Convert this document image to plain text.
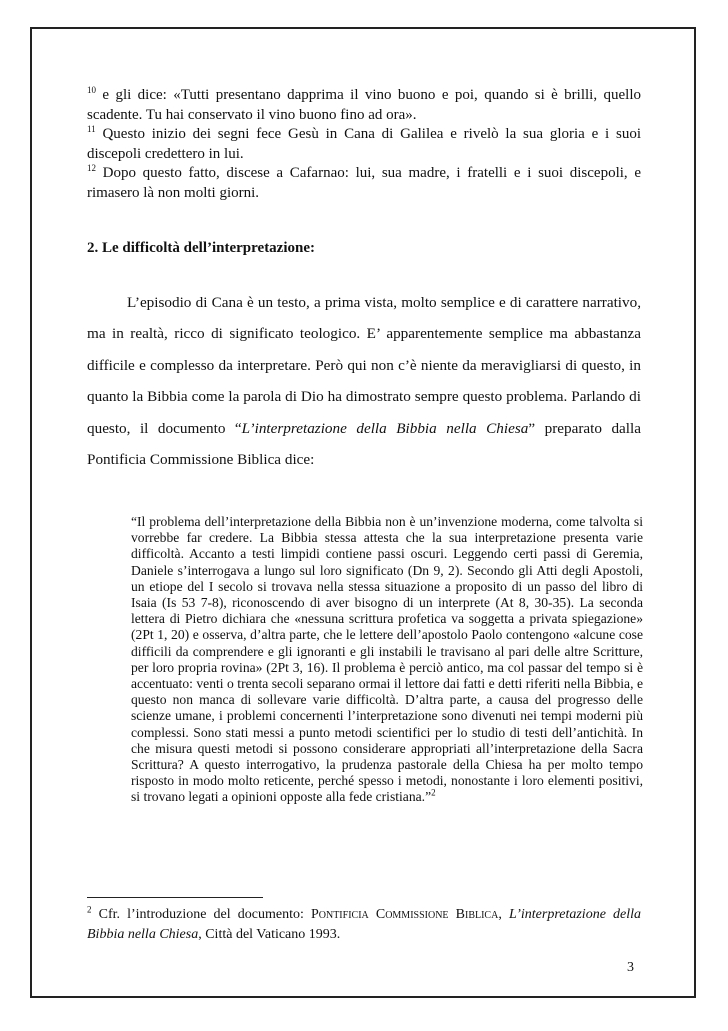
$^{10}$ e gli dice: «Tutti presentano dapprima il vino buono e poi, quando si è brilli, quello scadente. Tu hai conservato il vino buono fino ad ora».

$^{11}$ Questo inizio dei segni fece Gesù in Cana di Galilea e rivelò la sua gloria e i suoi discepoli credettero in lui.

$^{12}$ Dopo questo fatto, discese a Cafarnao: lui, sua madre, i fratelli e i suoi discepoli, e rimasero là non molti giorni.

2. Le difficoltà dell’interpretazione:

L’episodio di Cana è un testo, a prima vista, molto semplice e di carattere narrativo, ma in realtà, ricco di significato teologico. E’ apparentemente semplice ma abbastanza difficile e complesso da interpretare. Però qui non c’è niente da meravigliarsi di questo, in quanto la Bibbia come la parola di Dio ha dimostrato sempre questo problema. Parlando di questo, il documento “L’interpretazione della Bibbia nella Chiesa” preparato dalla Pontificia Commissione Biblica dice:

“Il problema dell’interpretazione della Bibbia non è un’invenzione moderna, come talvolta si vorrebbe far credere. La Bibbia stessa attesta che la sua interpretazione presenta varie difficoltà. Accanto a testi limpidi contiene passi oscuri. Leggendo certi passi di Geremia, Daniele s’interrogava a lungo sul loro significato (Dn 9, 2). Secondo gli Atti degli Apostoli, un etiope del I secolo si trovava nella stessa situazione a proposito di un passo del libro di Isaia (Is 53 7-8), riconoscendo di aver bisogno di un interprete (At 8, 30-35). La seconda lettera di Pietro dichiara che «nessuna scrittura profetica va soggetta a privata spiegazione» (2Pt 1, 20) e osserva, d’altra parte, che le lettere dell’apostolo Paolo contengono «alcune cose difficili da comprendere e gli ignoranti e gli instabili le travisano al pari delle altre Scritture, per loro propria rovina» (2Pt 3, 16). Il problema è perciò antico, ma col passar del tempo si è accentuato: venti o trenta secoli separano ormai il lettore dai fatti e detti riferiti nella Bibbia, e questo non manca di sollevare varie difficoltà. D’altra parte, a causa del progresso delle scienze umane, i problemi concernenti l’interpretazione sono divenuti nei tempi moderni più complessi. Sono stati messi a punto metodi scientifici per lo studio di testi dell’antichità. In che misura questi metodi si possono considerare appropriati all’interpretazione della Sacra Scrittura? A questo interrogativo, la prudenza pastorale della Chiesa ha per molto tempo risposto in modo molto reticente, perché spesso i metodi, nonostante i loro elementi positivi, si trovano legati a opinioni opposte alla fede cristiana.”$^2$

$^2$ Cfr. l’introduzione del documento: Pontificia Commissione Biblica, L’interpretazione della Bibbia nella Chiesa, Città del Vaticano 1993.

3
